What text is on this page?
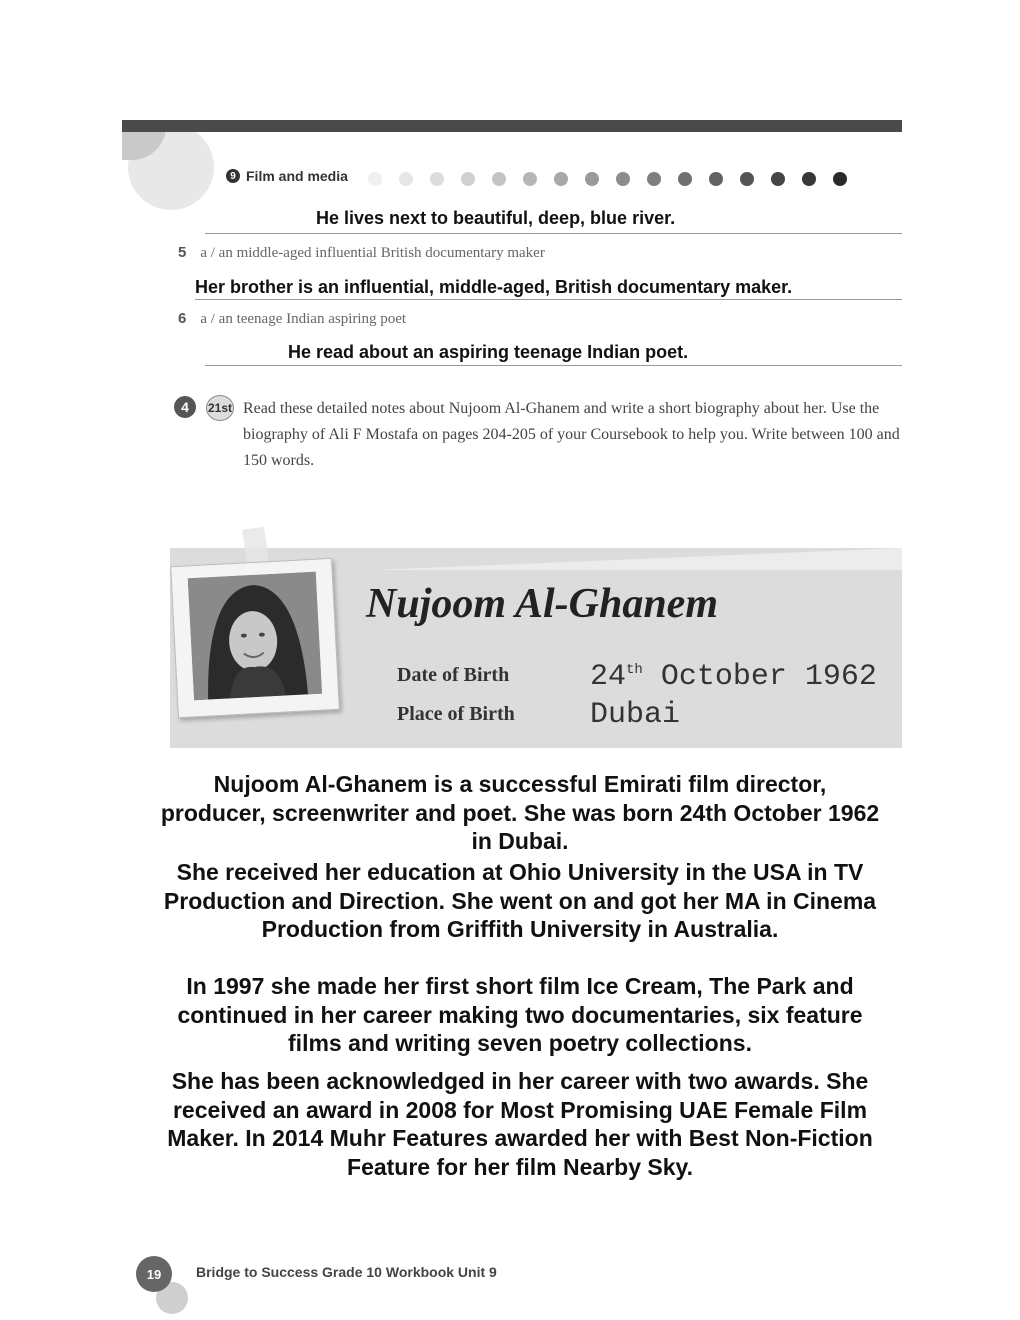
9 Film and media
He lives next to beautiful, deep, blue river.
5 a / an middle-aged influential British documentary maker
Her brother is an influential, middle-aged, British documentary maker.
6 a / an teenage Indian aspiring poet
He read about an aspiring teenage Indian poet.
4	21st Read these detailed notes about Nujoom Al-Ghanem and write a short biography about her. Use the biography of Ali F Mostafa on pages 204-205 of your Coursebook to help you. Write between 100 and 150 words.
Nujoom Al-Ghanem
Date of Birth	24th October 1962
Place of Birth	Dubai
Nujoom Al-Ghanem is a successful Emirati film director, producer, screenwriter and poet. She was born 24th October 1962 in Dubai.
She received her education at Ohio University in the USA in TV Production and Direction. She went on and got her MA in Cinema Production from Griffith University in Australia.
In 1997 she made her first short film Ice Cream, The Park and continued in her career making two documentaries, six feature films and writing seven poetry collections.
She has been acknowledged in her career with two awards. She received an award in 2008 for Most Promising UAE Female Film Maker. In 2014 Muhr Features awarded her with Best Non-Fiction Feature for her film Nearby Sky.
19	Bridge to Success Grade 10 Workbook Unit 9
